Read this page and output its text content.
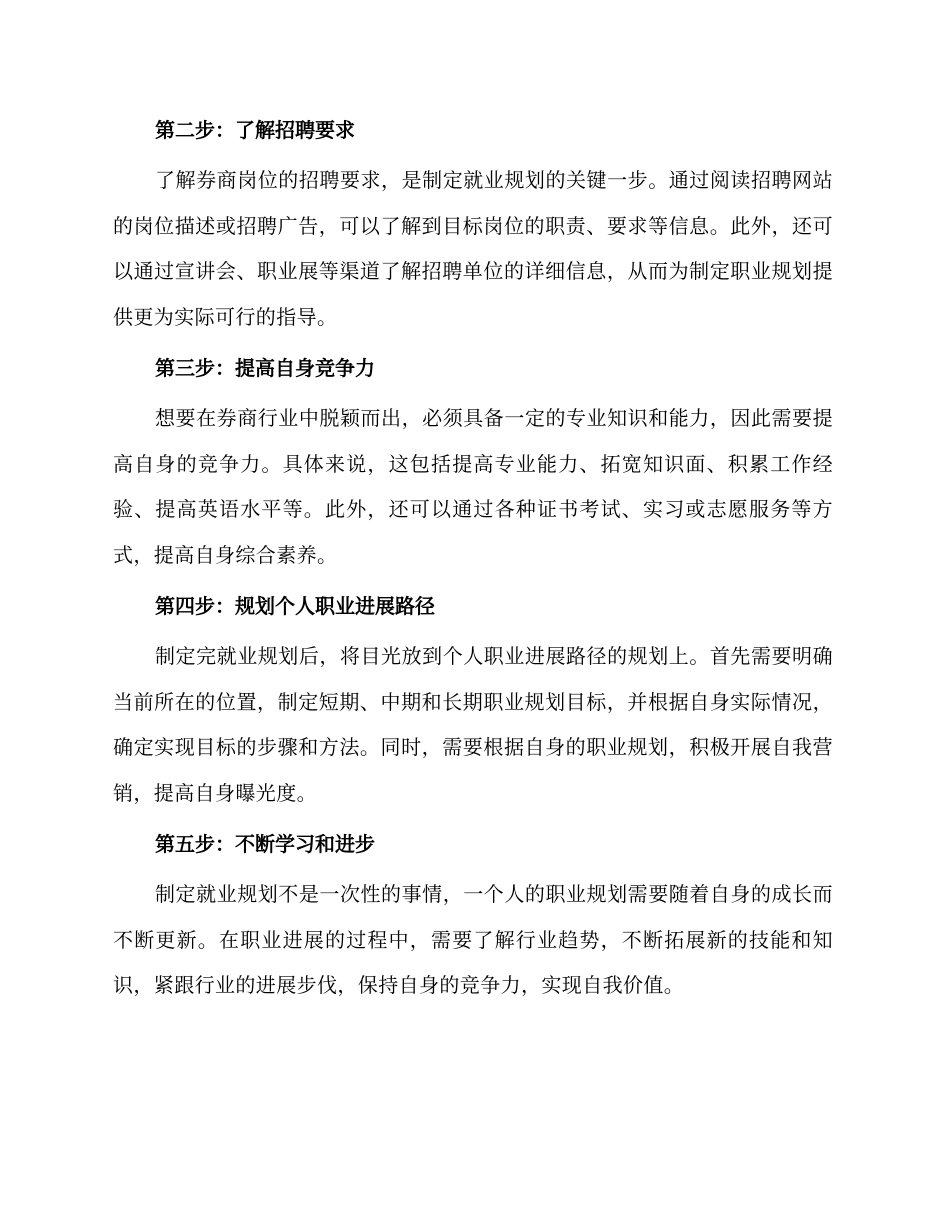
第二步：了解招聘要求

了解券商岗位的招聘要求，是制定就业规划的关键一步。通过阅读招聘网站的岗位描述或招聘广告，可以了解到目标岗位的职责、要求等信息。此外，还可以通过宣讲会、职业展等渠道了解招聘单位的详细信息，从而为制定职业规划提供更为实际可行的指导。

第三步：提高自身竞争力

想要在券商行业中脱颖而出，必须具备一定的专业知识和能力，因此需要提高自身的竞争力。具体来说，这包括提高专业能力、拓宽知识面、积累工作经验、提高英语水平等。此外，还可以通过各种证书考试、实习或志愿服务等方式，提高自身综合素养。

第四步：规划个人职业进展路径

制定完就业规划后，将目光放到个人职业进展路径的规划上。首先需要明确当前所在的位置，制定短期、中期和长期职业规划目标，并根据自身实际情况，确定实现目标的步骤和方法。同时，需要根据自身的职业规划，积极开展自我营销，提高自身曝光度。

第五步：不断学习和进步

制定就业规划不是一次性的事情，一个人的职业规划需要随着自身的成长而不断更新。在职业进展的过程中，需要了解行业趋势，不断拓展新的技能和知识，紧跟行业的进展步伐，保持自身的竞争力，实现自我价值。
